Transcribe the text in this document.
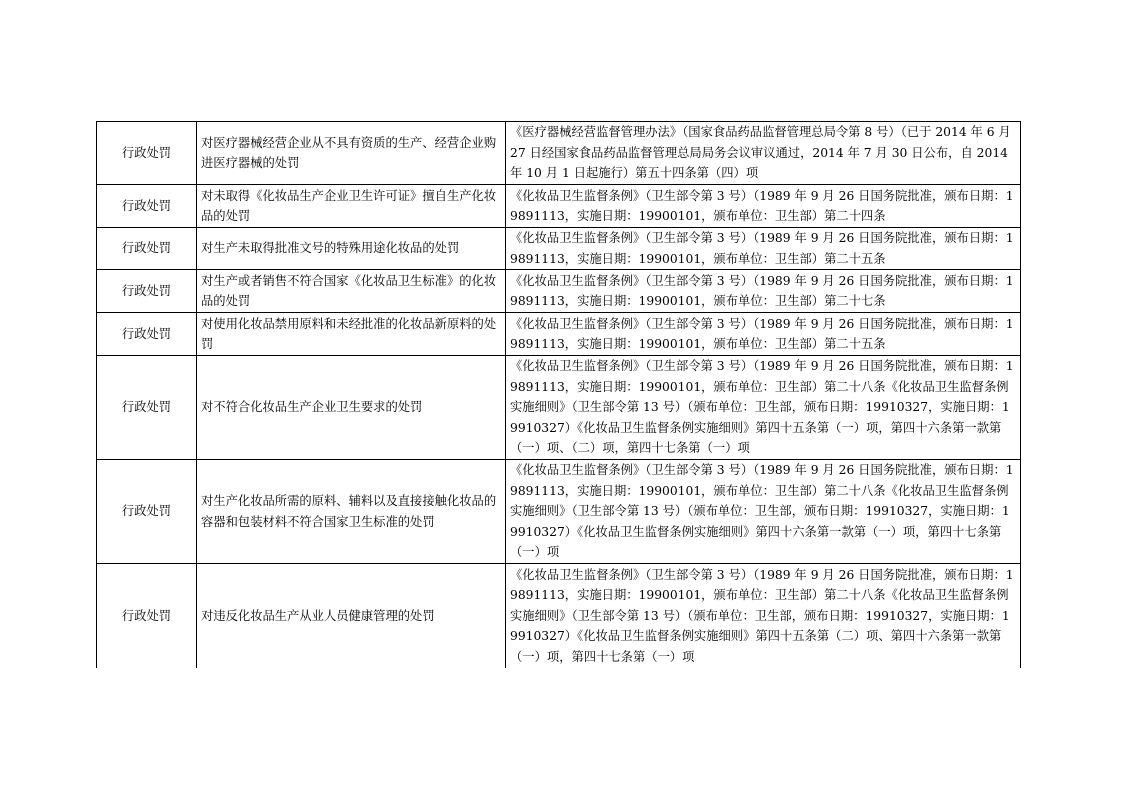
行政处罚	对医疗器械经营企业从不具有资质的生产、经营企业购进医疗器械的处罚	《医疗器械经营监督管理办法》（国家食品药品监督管理总局令第 8 号）（已于 2014 年 6 月 27 日经国家食品药品监督管理总局局务会议审议通过，2014 年 7 月 30 日公布，自 2014 年 10 月 1 日起施行）第五十四条第（四）项
行政处罚	对未取得《化妆品生产企业卫生许可证》擅自生产化妆品的处罚	《化妆品卫生监督条例》（卫生部令第 3 号）（1989 年 9 月 26 日国务院批准，颁布日期：19891113，实施日期：19900101，颁布单位：卫生部）第二十四条
行政处罚	对生产未取得批准文号的特殊用途化妆品的处罚	《化妆品卫生监督条例》（卫生部令第 3 号）（1989 年 9 月 26 日国务院批准，颁布日期：19891113，实施日期：19900101，颁布单位：卫生部）第二十五条
行政处罚	对生产或者销售不符合国家《化妆品卫生标准》的化妆品的处罚	《化妆品卫生监督条例》（卫生部令第 3 号）（1989 年 9 月 26 日国务院批准，颁布日期：19891113，实施日期：19900101，颁布单位：卫生部）第二十七条
行政处罚	对使用化妆品禁用原料和未经批准的化妆品新原料的处罚	《化妆品卫生监督条例》（卫生部令第 3 号）（1989 年 9 月 26 日国务院批准，颁布日期：19891113，实施日期：19900101，颁布单位：卫生部）第二十五条
行政处罚	对不符合化妆品生产企业卫生要求的处罚	《化妆品卫生监督条例》（卫生部令第 3 号）（1989 年 9 月 26 日国务院批准，颁布日期：19891113，实施日期：19900101，颁布单位：卫生部）第二十八条《化妆品卫生监督条例实施细则》（卫生部令第 13 号）（颁布单位：卫生部，颁布日期：19910327，实施日期：19910327）《化妆品卫生监督条例实施细则》第四十五条第（一）项，第四十六条第一款第（一）项、（二）项，第四十七条第（一）项
行政处罚	对生产化妆品所需的原料、辅料以及直接接触化妆品的容器和包装材料不符合国家卫生标准的处罚	《化妆品卫生监督条例》（卫生部令第 3 号）（1989 年 9 月 26 日国务院批准，颁布日期：19891113，实施日期：19900101，颁布单位：卫生部）第二十八条《化妆品卫生监督条例实施细则》（卫生部令第 13 号）（颁布单位：卫生部，颁布日期：19910327，实施日期：19910327）《化妆品卫生监督条例实施细则》第四十六条第一款第（一）项，第四十七条第（一）项
行政处罚	对违反化妆品生产从业人员健康管理的处罚	《化妆品卫生监督条例》（卫生部令第 3 号）（1989 年 9 月 26 日国务院批准，颁布日期：19891113，实施日期：19900101，颁布单位：卫生部）第二十八条《化妆品卫生监督条例实施细则》（卫生部令第 13 号）（颁布单位：卫生部，颁布日期：19910327，实施日期：19910327）《化妆品卫生监督条例实施细则》第四十五条第（二）项、第四十六条第一款第（一）项，第四十七条第（一）项
